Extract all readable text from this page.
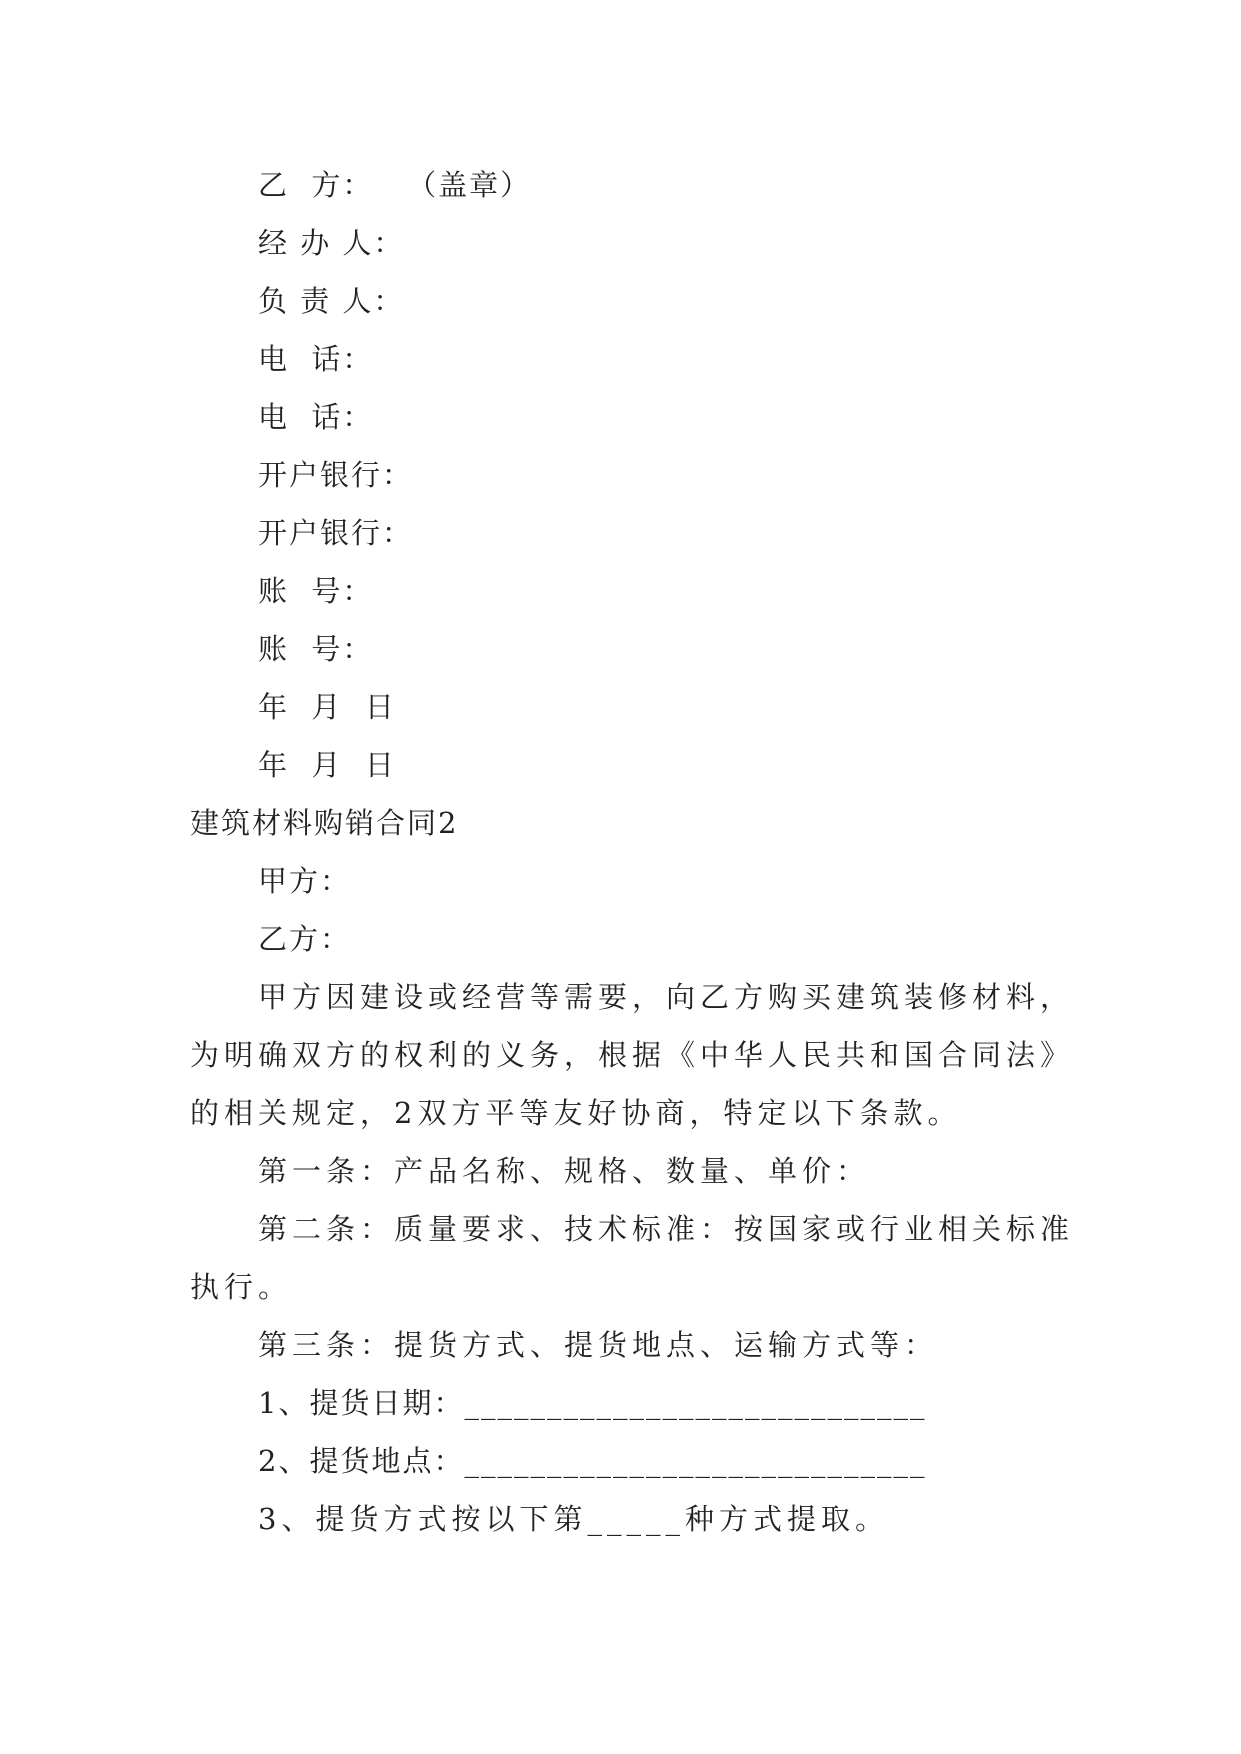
乙  方：   （盖章）
经 办 人：
负 责 人：
电  话：
电  话：
开户银行：
开户银行：
账  号：
账  号：
年  月  日
年  月  日
建筑材料购销合同2
甲方：
乙方：
甲方因建设或经营等需要，向乙方购买建筑装修材料，
为明确双方的权利的义务，根据《中华人民共和国合同法》
的相关规定，2双方平等友好协商，特定以下条款。
第一条：产品名称、规格、数量、单价：
第二条：质量要求、技术标准：按国家或行业相关标准
执行。
第三条：提货方式、提货地点、运输方式等：
1、提货日期：____________________________
2、提货地点：____________________________
3、提货方式按以下第_____种方式提取。
